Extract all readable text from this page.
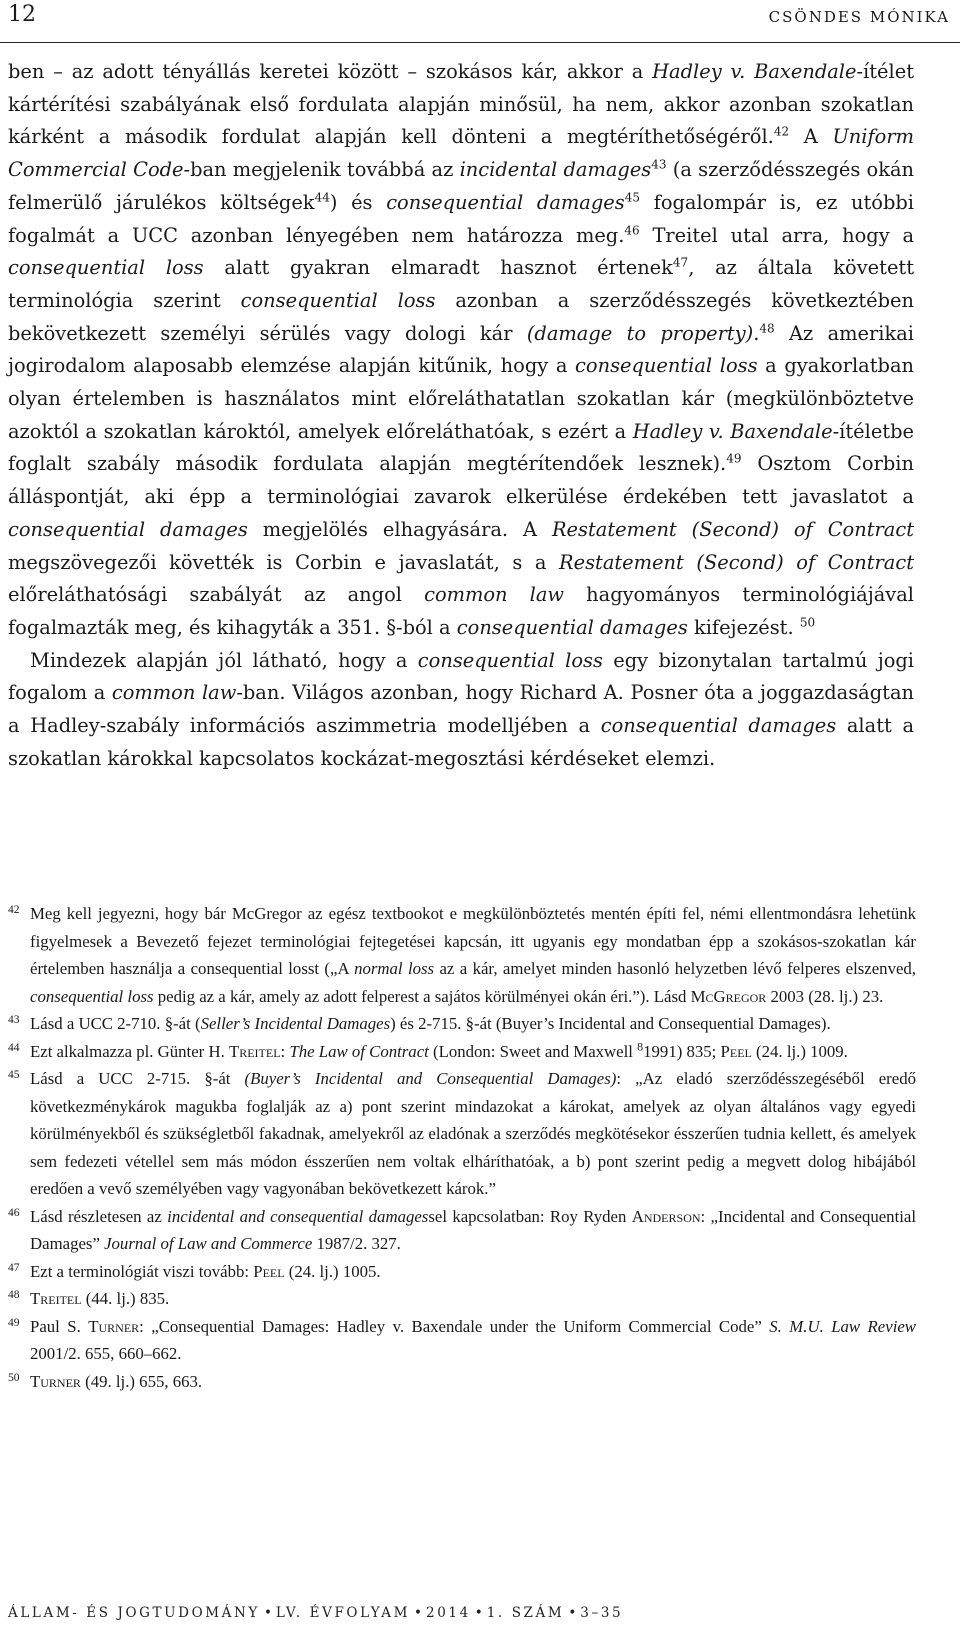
12	CSÖNDES MÓNIKA

ben – az adott tényállás keretei között – szokásos kár, akkor a Hadley v. Baxendale-ítélet kártérítési szabályának első fordulata alapján minősül, ha nem, akkor azonban szokatlan kárként a második fordulat alapján kell dönteni a megtéríthetőségéről.$^{42}$ A Uniform Commercial Code-ban megjelenik továbbá az incidental damages$^{43}$ (a szerződésszegés okán felmerülő járulékos költségek$^{44}$) és consequential damages$^{45}$ fogalompár is, ez utóbbi fogalmát a UCC azonban lényegében nem határozza meg.$^{46}$ Treitel utal arra, hogy a consequential loss alatt gyakran elmaradt hasznot értenek$^{47}$, az általa követett terminológia szerint consequential loss azonban a szerződésszegés következtében bekövetkezett személyi sérülés vagy dologi kár (damage to property).$^{48}$ Az amerikai jogirodalom alaposabb elemzése alapján kitűnik, hogy a consequential loss a gyakorlatban olyan értelemben is használatos mint előreláthatatlan szokatlan kár (megkülönböztetve azoktól a szokatlan károktól, amelyek előreláthatóak, s ezért a Hadley v. Baxendale-ítéletbe foglalt szabály második fordulata alapján megtérítendőek lesznek).$^{49}$ Osztom Corbin álláspontját, aki épp a terminológiai zavarok elkerülése érdekében tett javaslatot a consequential damages megjelölés elhagyására. A Restatement (Second) of Contract megszövegezői követték is Corbin e javaslatát, s a Restatement (Second) of Contract előreláthatósági szabályát az angol common law hagyományos terminológiájával fogalmazták meg, és kihagyták a 351. §-ból a consequential damages kifejezést. $^{50}$

Mindezek alapján jól látható, hogy a consequential loss egy bizonytalan tartalmú jogi fogalom a common law-ban. Világos azonban, hogy Richard A. Posner óta a joggazdaságtan a Hadley-szabály információs aszimmetria modelljében a consequential damages alatt a szokatlan károkkal kapcsolatos kockázat-megosztási kérdéseket elemzi.

42 Meg kell jegyezni, hogy bár McGregor az egész textbookot e megkülönböztetés mentén építi fel, némi ellentmondásra lehetünk figyelmesek a Bevezető fejezet terminológiai fejtegetései kapcsán, itt ugyanis egy mondatban épp a szokásos-szokatlan kár értelemben használja a consequential losst („A normal loss az a kár, amelyet minden hasonló helyzetben lévő felperes elszenved, consequential loss pedig az a kár, amely az adott felperest a sajátos körülményei okán éri.”). Lásd McGregor 2003 (28. lj.) 23.
43 Lásd a UCC 2-710. §-át (Seller’s Incidental Damages) és 2-715. §-át (Buyer’s Incidental and Consequential Damages).
44 Ezt alkalmazza pl. Günter H. Treitel: The Law of Contract (London: Sweet and Maxwell $^8$1991) 835; Peel (24. lj.) 1009.
45 Lásd a UCC 2-715. §-át (Buyer’s Incidental and Consequential Damages): „Az eladó szerződésszegéséből eredő következménykárok magukba foglalják az a) pont szerint mindazokat a károkat, amelyek az olyan általános vagy egyedi körülményekből és szükségletből fakadnak, amelyekről az eladónak a szerződés megkötésekor ésszerűen tudnia kellett, és amelyek sem fedezeti vétellel sem más módon ésszerűen nem voltak elháríthatóak, a b) pont szerint pedig a megvett dolog hibájából eredően a vevő személyében vagy vagyonában bekövetkezett károk.”
46 Lásd részletesen az incidental and consequential damagessel kapcsolatban: Roy Ryden Anderson: „Incidental and Consequential Damages” Journal of Law and Commerce 1987/2. 327.
47 Ezt a terminológiát viszi tovább: Peel (24. lj.) 1005.
48 Treitel (44. lj.) 835.
49 Paul S. Turner: „Consequential Damages: Hadley v. Baxendale under the Uniform Commercial Code” S. M.U. Law Review 2001/2. 655, 660–662.
50 Turner (49. lj.) 655, 663.
ÁLLAM- ÉS JOGTUDOMÁNY • LV. ÉVFOLYAM • 2014 • 1. SZÁM • 3–35
